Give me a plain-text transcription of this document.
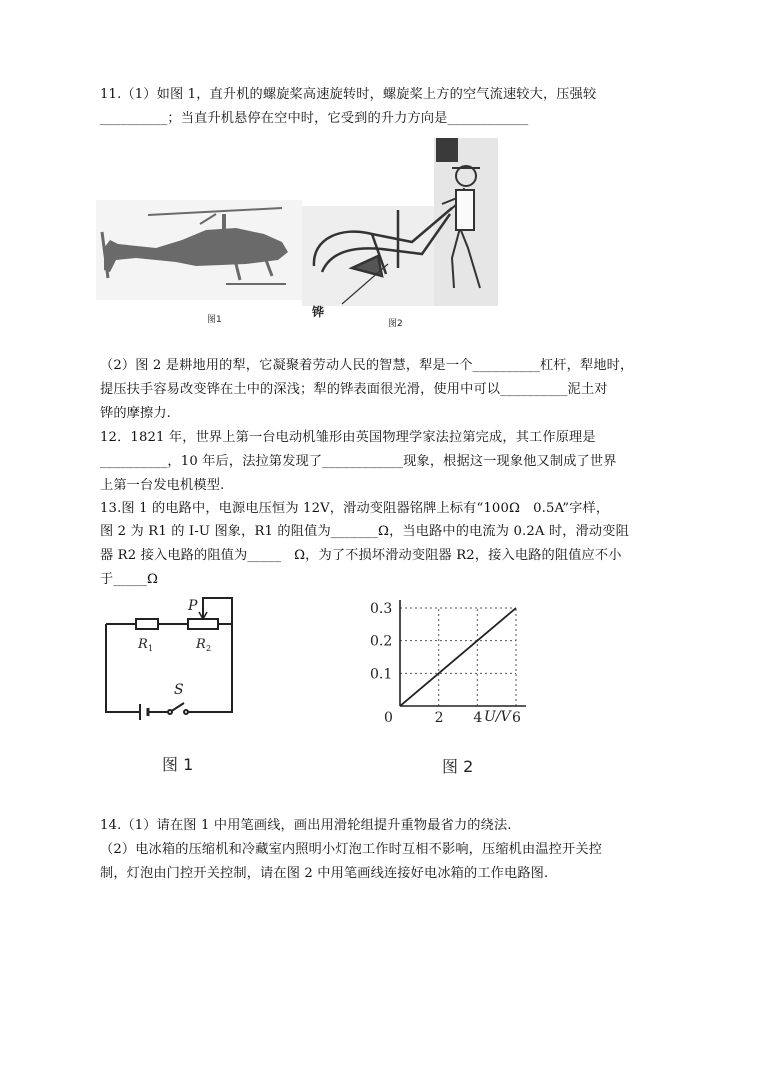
11.（1）如图 1，直升机的螺旋桨高速旋转时，螺旋桨上方的空气流速较大，压强较
__________；当直升机悬停在空中时，它受到的升力方向是____________
图1
铧
图2
（2）图 2 是耕地用的犁，它凝聚着劳动人民的智慧，犁是一个__________杠杆，犁地时，
提压扶手容易改变铧在土中的深浅；犁的铧表面很光滑，使用中可以__________泥土对
铧的摩擦力.
12．1821 年，世界上第一台电动机雏形由英国物理学家法拉第完成，其工作原理是
__________，10 年后，法拉第发现了____________现象，根据这一现象他又制成了世界
上第一台发电机模型.
13.图 1 的电路中，电源电压恒为 12V，滑动变阻器铭牌上标有“100Ω   0.5A”字样，
图 2 为 R1 的 I-U 图象，R1 的阻值为_______Ω，当电路中的电流为 0.2A 时，滑动变阻
器 R2 接入电路的阻值为_____   Ω，为了不损坏滑动变阻器 R2，接入电路的阻值应不小
于_____Ω
P
R 1	R 2
S
图 1
0	2 4 6
0.1
0.2
0.3
U/V
图 2
14.（1）请在图 1 中用笔画线，画出用滑轮组提升重物最省力的绕法.
（2）电冰箱的压缩机和冷藏室内照明小灯泡工作时互相不影响，压缩机由温控开关控
制，灯泡由门控开关控制，请在图 2 中用笔画线连接好电冰箱的工作电路图.
